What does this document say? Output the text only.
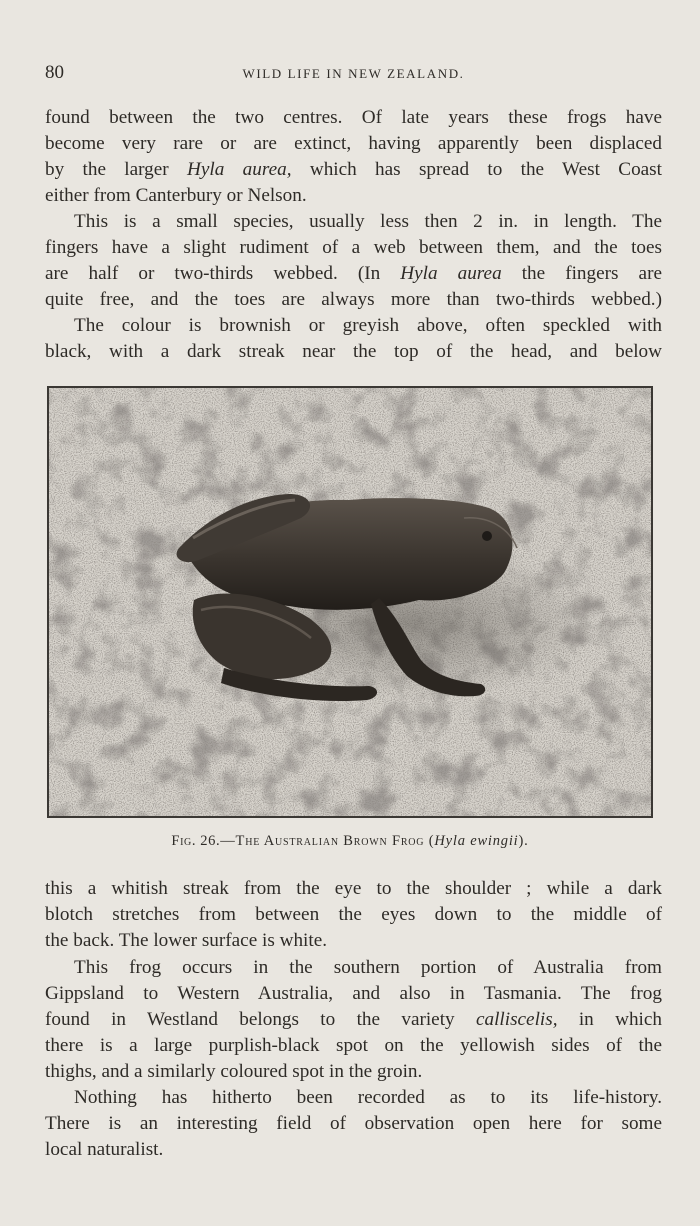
80	WILD LIFE IN NEW ZEALAND.
found between the two centres. Of late years these frogs have
become very rare or are extinct, having apparently been displaced
by the larger Hyla aurea, which has spread to the West Coast
either from Canterbury or Nelson.
This is a small species, usually less then 2 in. in length. The
fingers have a slight rudiment of a web between them, and the toes
are half or two-thirds webbed. (In Hyla aurea the fingers are
quite free, and the toes are always more than two-thirds webbed.)
The colour is brownish or greyish above, often speckled with
black, with a dark streak near the top of the head, and below
Fig. 26.—The Australian Brown Frog (Hyla ewingii).
this a whitish streak from the eye to the shoulder ; while a dark
blotch stretches from between the eyes down to the middle of
the back. The lower surface is white.
This frog occurs in the southern portion of Australia from
Gippsland to Western Australia, and also in Tasmania. The frog
found in Westland belongs to the variety calliscelis, in which
there is a large purplish-black spot on the yellowish sides of the
thighs, and a similarly coloured spot in the groin.
Nothing has hitherto been recorded as to its life-history.
There is an interesting field of observation open here for some
local naturalist.
